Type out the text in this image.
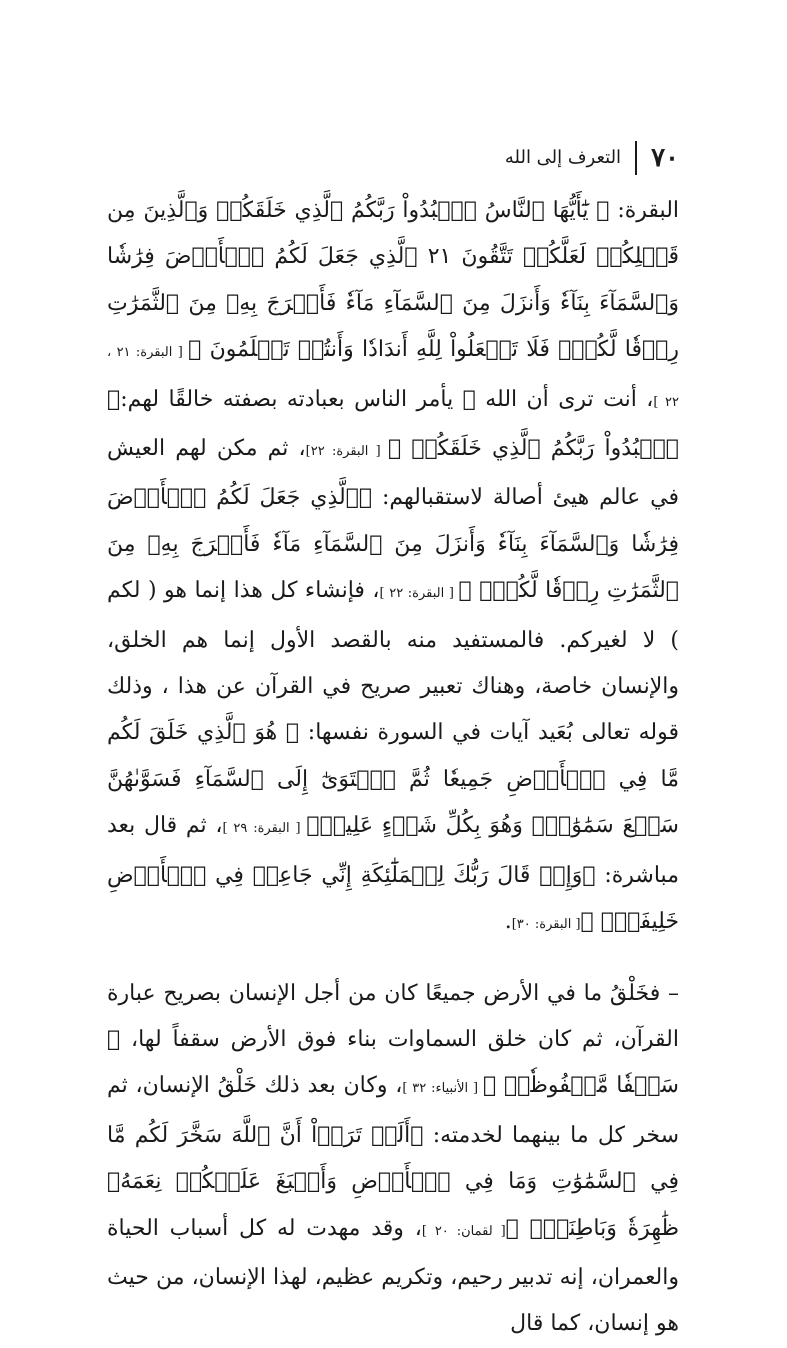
٧٠
التعرف إلى الله

البقرة: ﴿ يَٰٓأَيُّهَا ٱلنَّاسُ ٱعۡبُدُواْ رَبَّكُمُ ٱلَّذِي خَلَقَكُمۡ وَٱلَّذِينَ مِن قَبۡلِكُمۡ لَعَلَّكُمۡ تَتَّقُونَ ٢١ ٱلَّذِي جَعَلَ لَكُمُ ٱلۡأَرۡضَ فِرَٰشٗا وَٱلسَّمَآءَ بِنَآءٗ وَأَنزَلَ مِنَ ٱلسَّمَآءِ مَآءٗ فَأَخۡرَجَ بِهِۦ مِنَ ٱلثَّمَرَٰتِ رِزۡقٗا لَّكُمۡۖ فَلَا تَجۡعَلُواْ لِلَّهِ أَندَادٗا وَأَنتُمۡ تَعۡلَمُونَ ﴾ [ البقرة: ٢١ ، ٢٢ ]، أنت ترى أن الله ﷻ يأمر الناس بعبادته بصفته خالقًا لهم:﴿ ٱعۡبُدُواْ رَبَّكُمُ ٱلَّذِي خَلَقَكُمۡ ﴾ [ البقرة: ٢٢]، ثم مكن لهم العيش في عالم هيئ أصالة لاستقبالهم: ﴿ٱلَّذِي جَعَلَ لَكُمُ ٱلۡأَرۡضَ فِرَٰشٗا وَٱلسَّمَآءَ بِنَآءٗ وَأَنزَلَ مِنَ ٱلسَّمَآءِ مَآءٗ فَأَخۡرَجَ بِهِۦ مِنَ ٱلثَّمَرَٰتِ رِزۡقٗا لَّكُمۡۖ ﴾ [ البقرة: ٢٢ ]، فإنشاء كل هذا إنما هو ( لكم ) لا لغيركم. فالمستفيد منه بالقصد الأول إنما هم الخلق، والإنسان خاصة، وهناك تعبير صريح في القرآن عن هذا ، وذلك قوله تعالى بُعَيد آيات في السورة نفسها: ﴿ هُوَ ٱلَّذِي خَلَقَ لَكُم مَّا فِي ٱلۡأَرۡضِ جَمِيعٗا ثُمَّ ٱسۡتَوَىٰٓ إِلَى ٱلسَّمَآءِ فَسَوَّىٰهُنَّ سَبۡعَ سَمَٰوَٰتٖۚ وَهُوَ بِكُلِّ شَيۡءٍ عَلِيمٞ﴾ [ البقرة: ٢٩ ]، ثم قال بعد مباشرة: ﴿وَإِذۡ قَالَ رَبُّكَ لِلۡمَلَٰٓئِكَةِ إِنِّي جَاعِلٞ فِي ٱلۡأَرۡضِ خَلِيفَةٗۖ ﴾[ البقرة: ٣٠].

– فخَلْقُ ما في الأرض جميعًا كان من أجل الإنسان بصريح عبارة القرآن، ثم كان خلق السماوات بناء فوق الأرض سقفاً لها، ﴿ سَقۡفٗا مَّحۡفُوظٗاۖ ﴾ [ الأنبياء: ٣٢ ]، وكان بعد ذلك خَلْقُ الإنسان، ثم سخر كل ما بينهما لخدمته: ﴿أَلَمۡ تَرَوۡاْ أَنَّ ٱللَّهَ سَخَّرَ لَكُم مَّا فِي ٱلسَّمَٰوَٰتِ وَمَا فِي ٱلۡأَرۡضِ وَأَسۡبَغَ عَلَيۡكُمۡ نِعَمَهُۥ ظَٰهِرَةٗ وَبَاطِنَةٗۗ ﴾[ لقمان: ٢٠ ]، وقد مهدت له كل أسباب الحياة والعمران، إنه تدبير رحيم، وتكريم عظيم، لهذا الإنسان، من حيث هو إنسان، كما قال
